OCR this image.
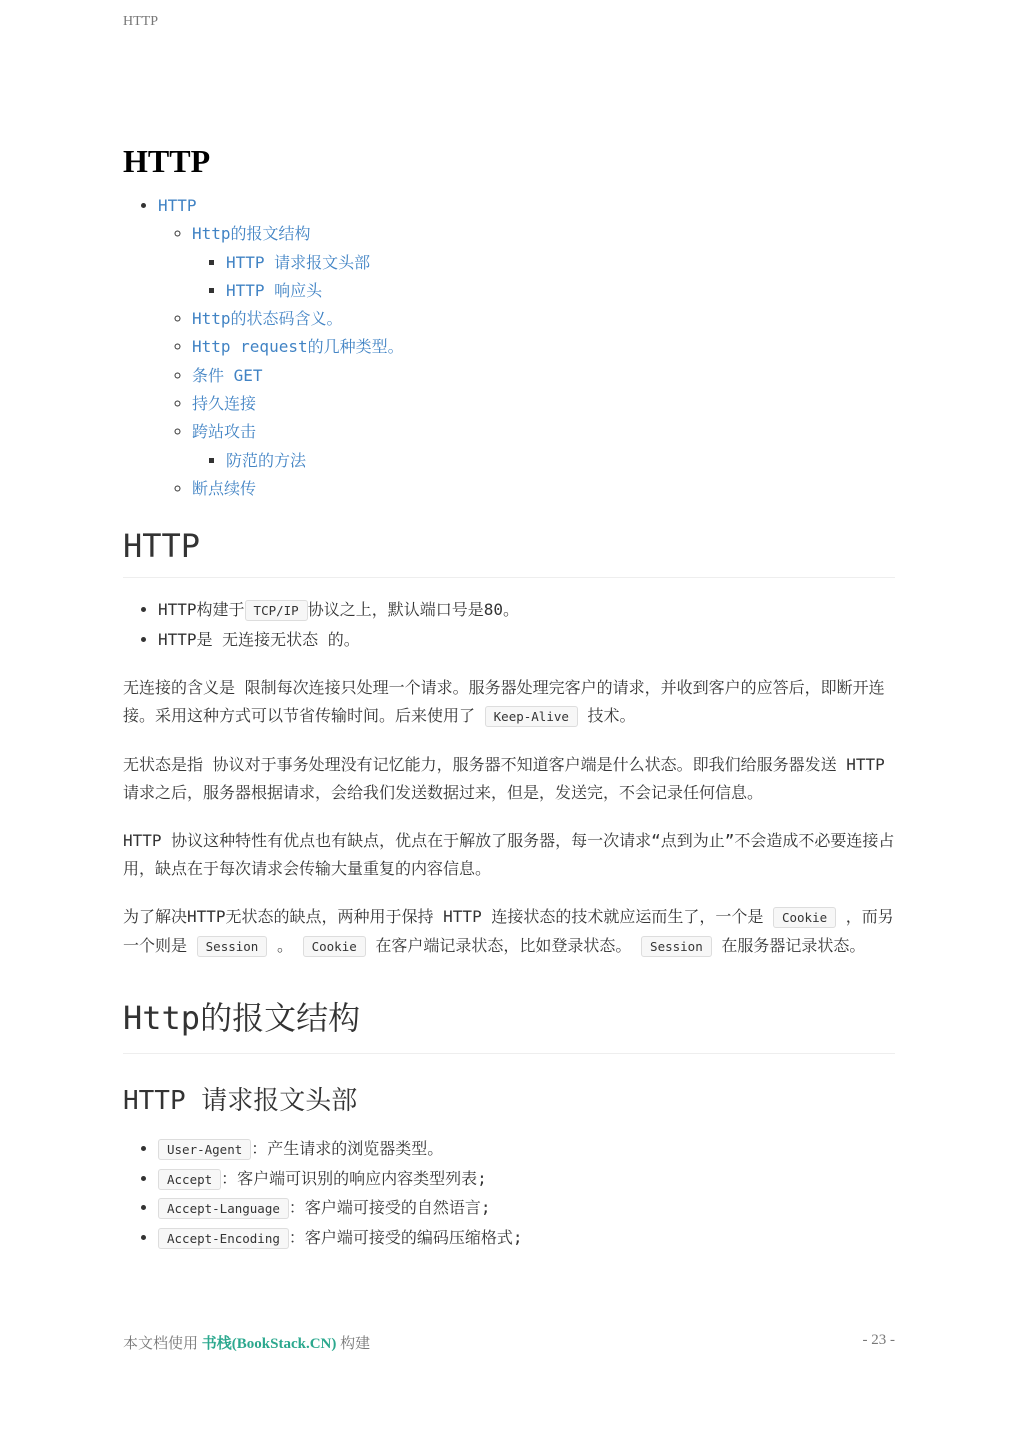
HTTP
HTTP
• HTTP
◦ Http的报文结构
▪ HTTP 请求报文头部
▪ HTTP 响应头
◦ Http的状态码含义。
◦ Http request的几种类型。
◦ 条件 GET
◦ 持久连接
◦ 跨站攻击
▪ 防范的方法
◦ 断点续传
HTTP
• HTTP构建于 TCP/IP 协议之上，默认端口号是80。
• HTTP是 无连接无状态 的。

无连接的含义是 限制每次连接只处理一个请求。服务器处理完客户的请求，并收到客户的应答后，即断开连接。采用这种方式可以节省传输时间。后来使用了 Keep-Alive 技术。

无状态是指 协议对于事务处理没有记忆能力，服务器不知道客户端是什么状态。即我们给服务器发送 HTTP 请求之后，服务器根据请求，会给我们发送数据过来，但是，发送完，不会记录任何信息。

HTTP 协议这种特性有优点也有缺点，优点在于解放了服务器，每一次请求“点到为止”不会造成不必要连接占用，缺点在于每次请求会传输大量重复的内容信息。

为了解决HTTP无状态的缺点，两种用于保持 HTTP 连接状态的技术就应运而生了，一个是 Cookie ，而另一个则是 Session 。 Cookie 在客户端记录状态，比如登录状态。 Session 在服务器记录状态。

Http的报文结构
HTTP 请求报文头部
• User-Agent ：产生请求的浏览器类型。
• Accept ：客户端可识别的响应内容类型列表;
• Accept-Language ：客户端可接受的自然语言;
• Accept-Encoding ：客户端可接受的编码压缩格式;
本文档使用 书栈(BookStack.CN) 构建	- 23 -
